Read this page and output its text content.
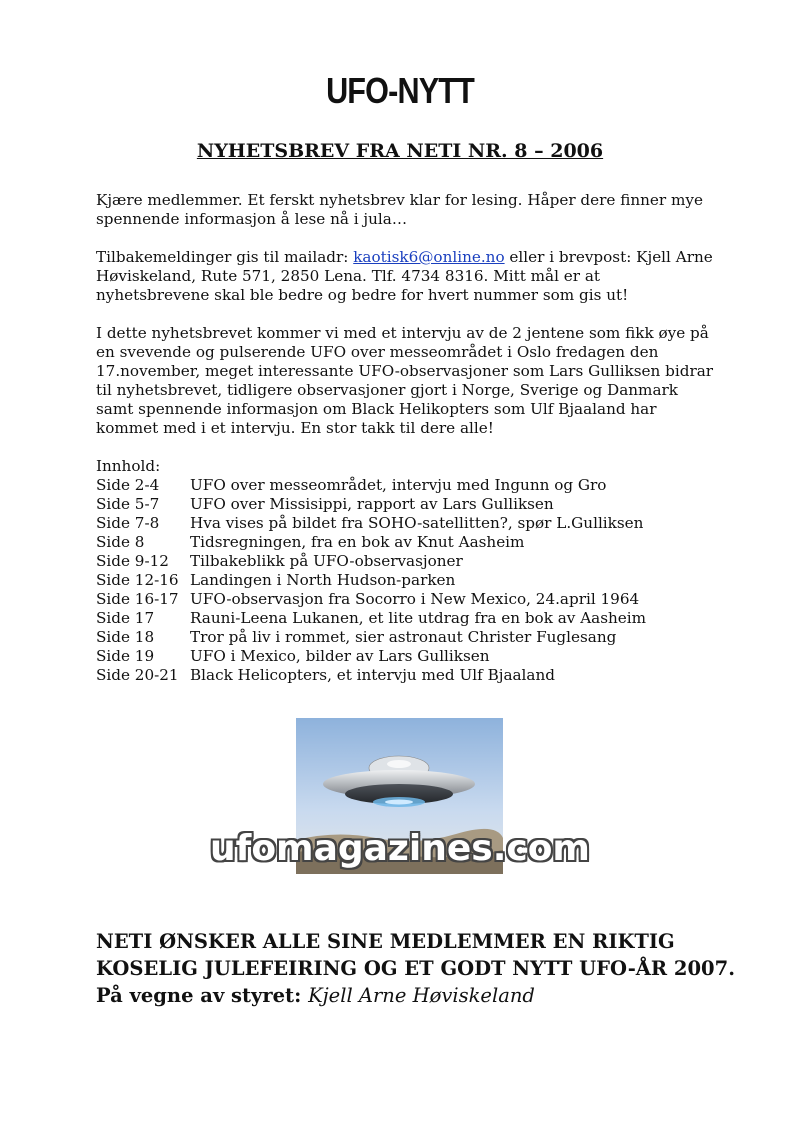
UFO-NYTT
NYHETSBREV FRA NETI NR. 8 – 2006

Kjære medlemmer. Et ferskt nyhetsbrev klar for lesing. Håper dere finner mye spennende informasjon å lese nå i jula…

Tilbakemeldinger gis til mailadr: kaotisk6@online.no eller i brevpost: Kjell Arne Høviskeland, Rute 571, 2850 Lena. Tlf. 4734 8316. Mitt mål er at nyhetsbrevene skal ble bedre og bedre for hvert nummer som gis ut!

I dette nyhetsbrevet kommer vi med et intervju av de 2 jentene som fikk øye på en svevende og pulserende UFO over messeområdet i Oslo fredagen den 17.november, meget interessante UFO-observasjoner som Lars Gulliksen bidrar til nyhetsbrevet, tidligere observasjoner gjort i Norge, Sverige og Danmark samt spennende informasjon om Black Helikopters som Ulf Bjaaland har kommet med i et intervju. En stor takk til dere alle!

Innhold:
Side 2-4	UFO over messeområdet, intervju med Ingunn og Gro
Side 5-7	UFO over Missisippi, rapport av Lars Gulliksen
Side 7-8	Hva vises på bildet fra SOHO-satellitten?, spør L.Gulliksen
Side 8	Tidsregningen, fra en bok av Knut Aasheim
Side 9-12	Tilbakeblikk på UFO-observasjoner
Side 12-16 Landingen i North Hudson-parken
Side 16-17 UFO-observasjon fra Socorro i New Mexico, 24.april 1964
Side 17	Rauni-Leena Lukanen, et lite utdrag fra en bok av Aasheim
Side 18	Tror på liv i rommet, sier astronaut Christer Fuglesang
Side 19	UFO i Mexico, bilder av Lars Gulliksen
Side 20-21 Black Helicopters, et intervju med Ulf Bjaaland
ufomagazines.com
NETI ØNSKER ALLE SINE MEDLEMMER EN RIKTIG KOSELIG JULEFEIRING OG ET GODT NYTT UFO-ÅR 2007. På vegne av styret: Kjell Arne Høviskeland
